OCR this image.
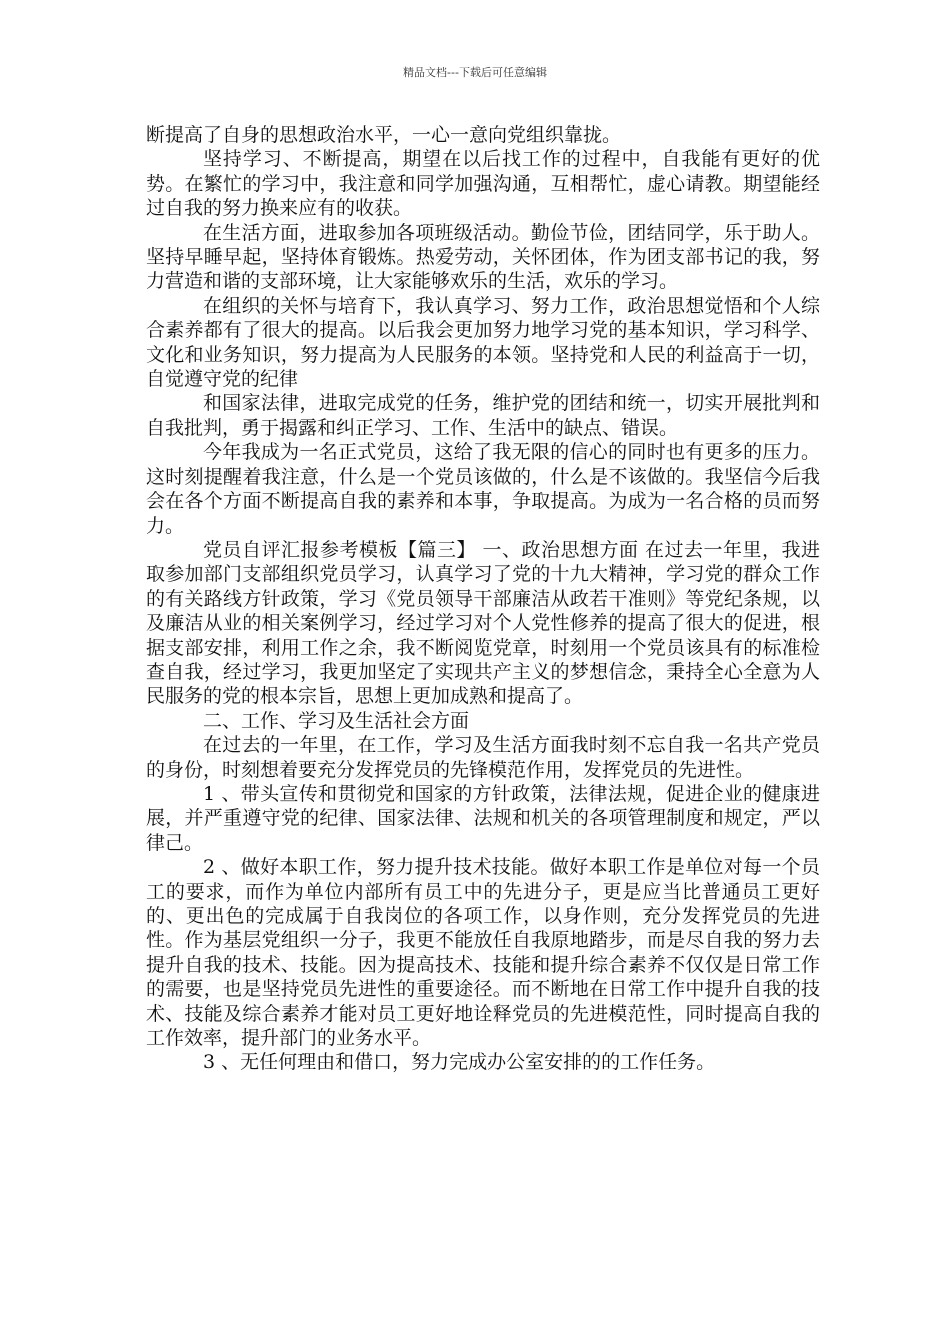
精品文档---下载后可任意编辑

断提高了自身的思想政治水平，一心一意向党组织靠拢。

坚持学习、不断提高，期望在以后找工作的过程中，自我能有更好的优势。在繁忙的学习中，我注意和同学加强沟通，互相帮忙，虚心请教。期望能经过自我的努力换来应有的收获。

在生活方面，进取参加各项班级活动。勤俭节俭，团结同学，乐于助人。坚持早睡早起，坚持体育锻炼。热爱劳动，关怀团体，作为团支部书记的我，努力营造和谐的支部环境，让大家能够欢乐的生活，欢乐的学习。

在组织的关怀与培育下，我认真学习、努力工作，政治思想觉悟和个人综合素养都有了很大的提高。以后我会更加努力地学习党的基本知识，学习科学、文化和业务知识，努力提高为人民服务的本领。坚持党和人民的利益高于一切，自觉遵守党的纪律

和国家法律，进取完成党的任务，维护党的团结和统一，切实开展批判和自我批判，勇于揭露和纠正学习、工作、生活中的缺点、错误。

今年我成为一名正式党员，这给了我无限的信心的同时也有更多的压力。这时刻提醒着我注意，什么是一个党员该做的，什么是不该做的。我坚信今后我会在各个方面不断提高自我的素养和本事，争取提高。为成为一名合格的员而努力。

党员自评汇报参考模板【篇三】 一、政治思想方面 在过去一年里，我进取参加部门支部组织党员学习，认真学习了党的十九大精神，学习党的群众工作的有关路线方针政策，学习《党员领导干部廉洁从政若干准则》等党纪条规，以及廉洁从业的相关案例学习，经过学习对个人党性修养的提高了很大的促进，根据支部安排，利用工作之余，我不断阅览党章，时刻用一个党员该具有的标准检查自我，经过学习，我更加坚定了实现共产主义的梦想信念，秉持全心全意为人民服务的党的根本宗旨，思想上更加成熟和提高了。

二、工作、学习及生活社会方面

在过去的一年里，在工作，学习及生活方面我时刻不忘自我一名共产党员的身份，时刻想着要充分发挥党员的先锋模范作用，发挥党员的先进性。

1 、带头宣传和贯彻党和国家的方针政策，法律法规，促进企业的健康进展，并严重遵守党的纪律、国家法律、法规和机关的各项管理制度和规定，严以律己。

2 、做好本职工作，努力提升技术技能。做好本职工作是单位对每一个员工的要求，而作为单位内部所有员工中的先进分子，更是应当比普通员工更好的、更出色的完成属于自我岗位的各项工作，以身作则，充分发挥党员的先进性。作为基层党组织一分子，我更不能放任自我原地踏步，而是尽自我的努力去提升自我的技术、技能。因为提高技术、技能和提升综合素养不仅仅是日常工作的需要，也是坚持党员先进性的重要途径。而不断地在日常工作中提升自我的技术、技能及综合素养才能对员工更好地诠释党员的先进模范性，同时提高自我的工作效率，提升部门的业务水平。

3 、无任何理由和借口，努力完成办公室安排的的工作任务。
